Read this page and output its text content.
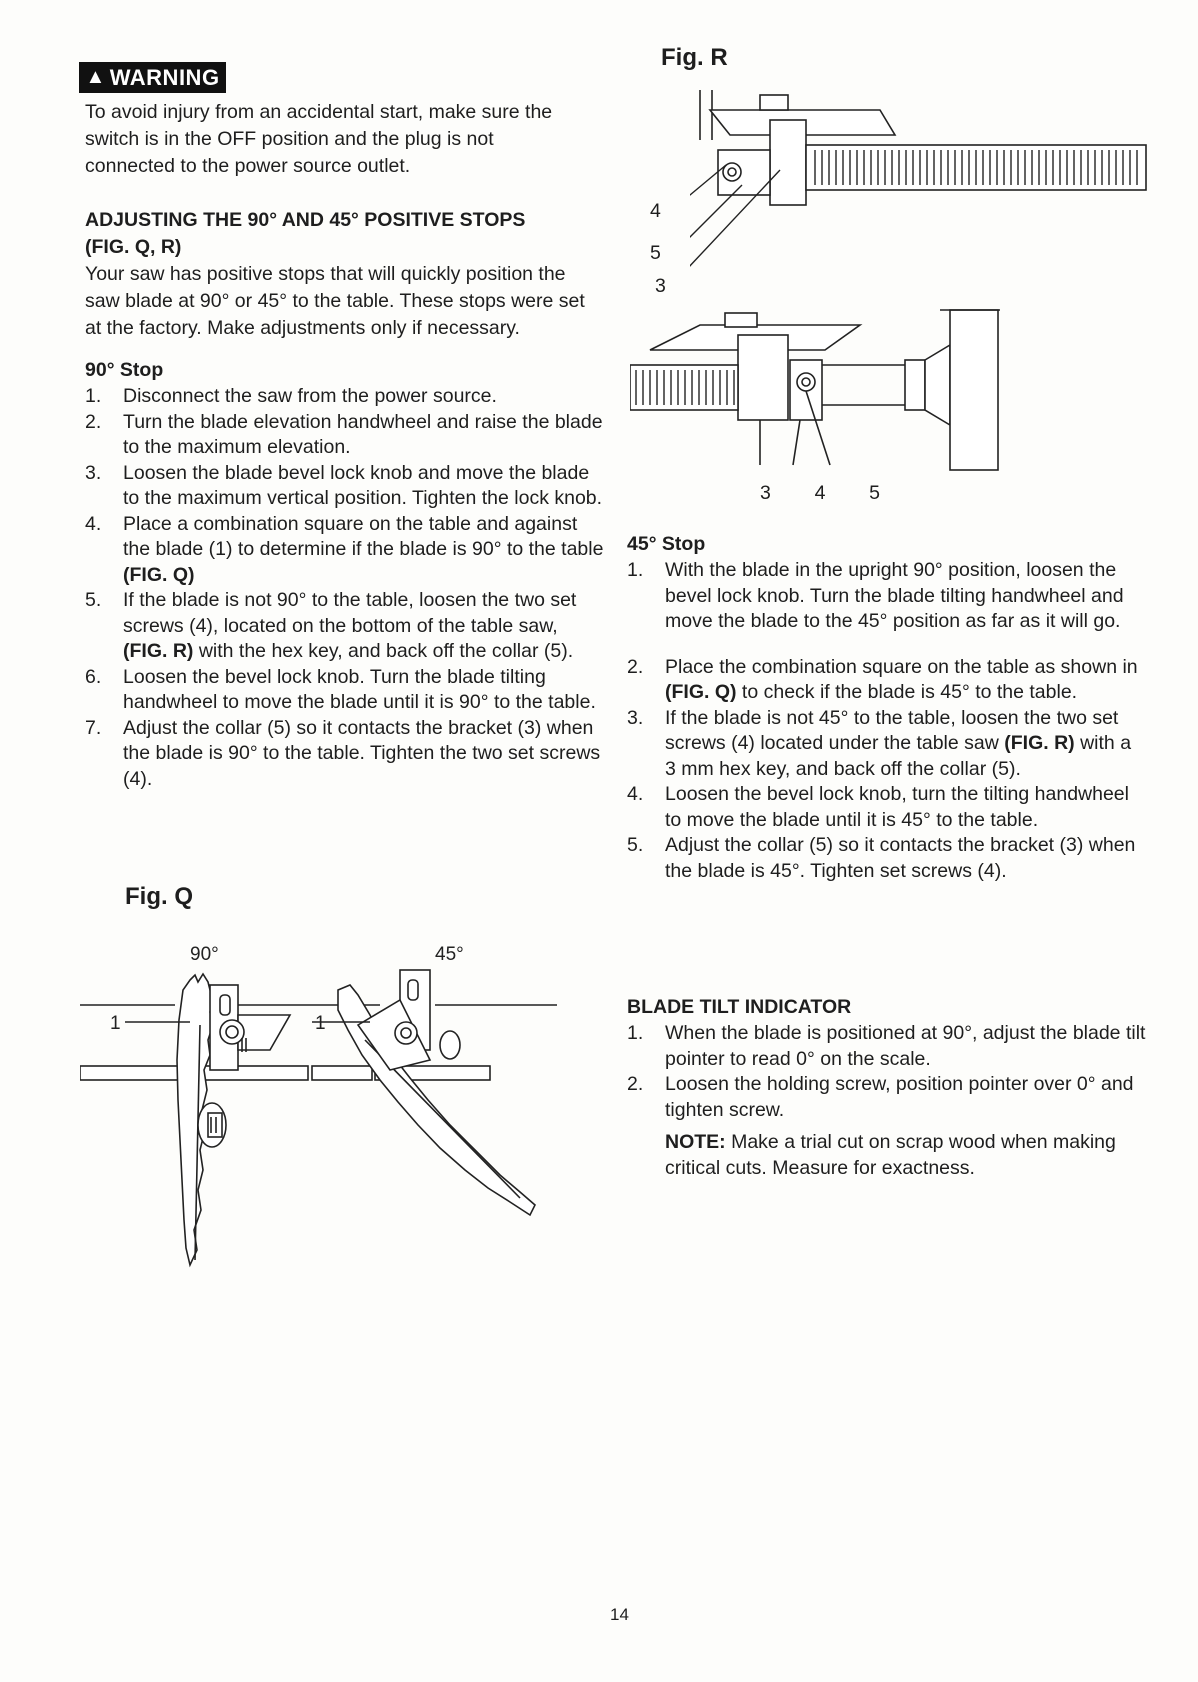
▲ WARNING
To avoid injury from an accidental start, make sure the switch is in the OFF position and the plug is not connected to the power source outlet.
ADJUSTING THE 90° AND 45° POSITIVE STOPS
(FIG. Q, R)
Your saw has positive stops that will quickly position the saw blade at 90° or 45° to the table. These stops were set at the factory. Make adjustments only if necessary.
90° Stop
1. Disconnect the saw from the power source.
2. Turn the blade elevation handwheel and raise the blade to the maximum elevation.
3. Loosen the blade bevel lock knob and move the blade to the maximum vertical position. Tighten the lock knob.
4. Place a combination square on the table and against the blade (1) to determine if the blade is 90° to the table (FIG. Q)
5. If the blade is not 90° to the table, loosen the two set screws (4), located on the bottom of the table saw, (FIG. R) with the hex key, and back off the collar (5).
6. Loosen the bevel lock knob. Turn the blade tilting handwheel to move the blade until it is 90° to the table.
7. Adjust the collar (5) so it contacts the bracket (3) when the blade is 90° to the table. Tighten the two set screws (4).
Fig. Q
90°	45°
1	1
Fig. R
4
5
3
3 4 5
45° Stop
1. With the blade in the upright 90° position, loosen the bevel lock knob. Turn the blade tilting handwheel and move the blade to the 45° position as far as it will go.
2. Place the combination square on the table as shown in (FIG. Q) to check if the blade is 45° to the table.
3. If the blade is not 45° to the table, loosen the two set screws (4) located under the table saw (FIG. R) with a 3 mm hex key, and back off the collar (5).
4. Loosen the bevel lock knob, turn the tilting handwheel to move the blade until it is 45° to the table.
5. Adjust the collar (5) so it contacts the bracket (3) when the blade is 45°. Tighten set screws (4).
BLADE TILT INDICATOR
1. When the blade is positioned at 90°, adjust the blade tilt pointer to read 0° on the scale.
2. Loosen the holding screw, position pointer over 0° and tighten screw.
NOTE: Make a trial cut on scrap wood when making critical cuts. Measure for exactness.
14
